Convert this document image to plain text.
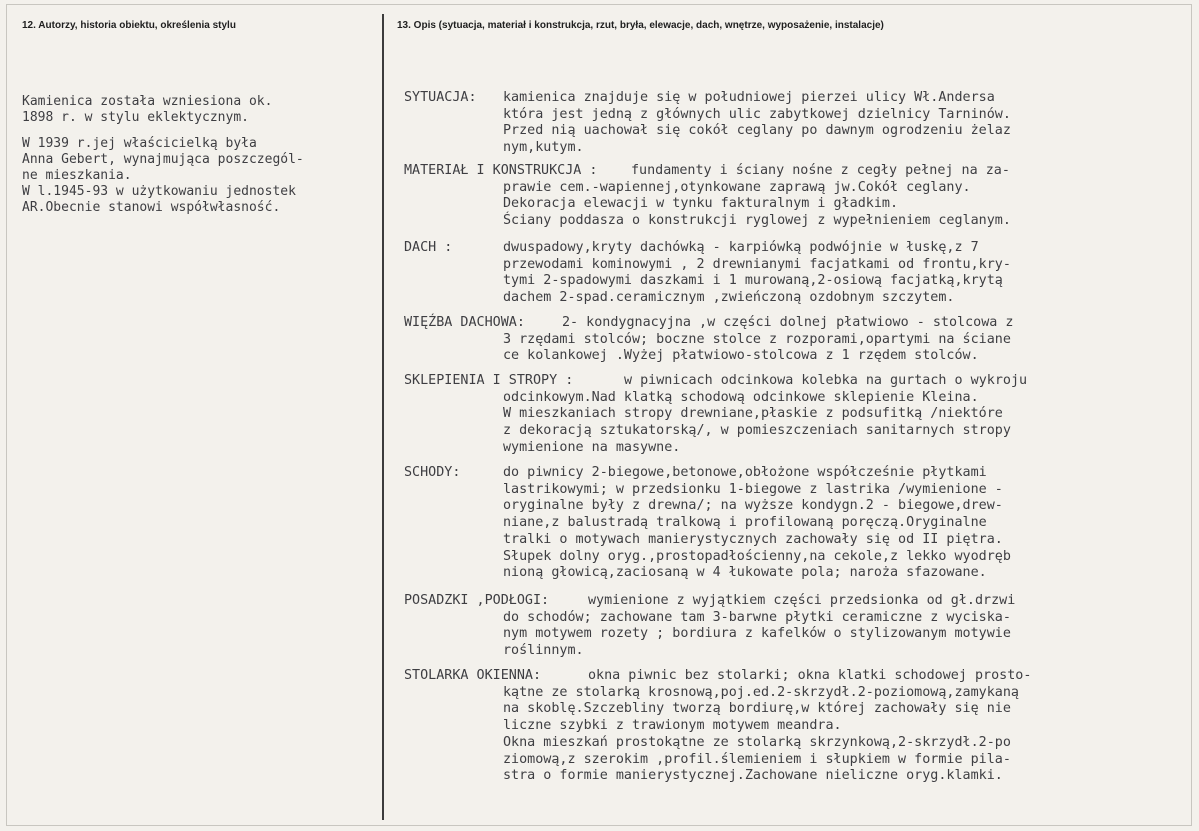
12. Autorzy, historia obiektu, określenia stylu	13. Opis (sytuacja, materiał i konstrukcja, rzut, bryła, elewacje, dach, wnętrze, wyposażenie, instalacje)
Kamienica została wzniesiona ok.
1898 r. w stylu eklektycznym.
W 1939 r.jej właścicielką była
Anna Gebert, wynajmująca poszczegól-
ne mieszkania.
W l.1945-93 w użytkowaniu jednostek
AR.Obecnie stanowi współwłasność.
SYTUACJA: kamienica znajduje się w południowej pierzei ulicy Wł.Andersa
która jest jedną z głównych ulic zabytkowej dzielnicy Tarninów.
Przed nią uachował się cokół ceglany po dawnym ogrodzeniu żelaz
nym,kutym.
MATERIAŁ I KONSTRUKCJA :	fundamenty i ściany nośne z cegły pełnej na za-
prawie cem.-wapiennej,otynkowane zaprawą jw.Cokół ceglany.
Dekoracja elewacji w tynku fakturalnym i gładkim.
Ściany poddasza o konstrukcji ryglowej z wypełnieniem ceglanym.
DACH :	dwuspadowy,kryty dachówką - karpiówką podwójnie w łuskę,z 7
przewodami kominowymi , 2 drewnianymi facjatkami od frontu,kry-
tymi 2-spadowymi daszkami i 1 murowaną,2-osiową facjatką,krytą
dachem 2-spad.ceramicznym ,zwieńczoną ozdobnym szczytem.
WIĘŹBA DACHOWA:	2- kondygnacyjna ,w części dolnej płatwiowo - stolcowa z
3 rzędami stolców; boczne stolce z rozporami,opartymi na ściane
ce kolankowej .Wyżej płatwiowo-stolcowa z 1 rzędem stolców.
SKLEPIENIA I STROPY :	w piwnicach odcinkowa kolebka na gurtach o wykroju
odcinkowym.Nad klatką schodową odcinkowe sklepienie Kleina.
W mieszkaniach stropy drewniane,płaskie z podsufitką /niektóre
z dekoracją sztukatorską/, w pomieszczeniach sanitarnych stropy
wymienione na masywne.
SCHODY:	do piwnicy 2-biegowe,betonowe,obłożone współcześnie płytkami
lastrikowymi; w przedsionku 1-biegowe z lastrika /wymienione -
oryginalne były z drewna/; na wyższe kondygn.2 - biegowe,drew-
niane,z balustradą tralkową i profilowaną poręczą.Oryginalne
tralki o motywach manierystycznych zachowały się od II piętra.
Słupek dolny oryg.,prostopadłościenny,na cekole,z lekko wyodręb
nioną głowicą,zaciosaną w 4 łukowate pola; naroża sfazowane.
POSADZKI ,PODŁOGI:	wymienione z wyjątkiem części przedsionka od gł.drzwi
do schodów; zachowane tam 3-barwne płytki ceramiczne z wyciska-
nym motywem rozety ; bordiura z kafelków o stylizowanym motywie
roślinnym.
STOLARKA OKIENNA:	okna piwnic bez stolarki; okna klatki schodowej prosto-
kątne ze stolarką krosnową,poj.ed.2-skrzydł.2-poziomową,zamykaną
na skoblę.Szczebliny tworzą bordiurę,w której zachowały się nie
liczne szybki z trawionym motywem meandra.
Okna mieszkań prostokątne ze stolarką skrzynkową,2-skrzydł.2-po
ziomową,z szerokim ,profil.ślemieniem i słupkiem w formie pila-
stra o formie manierystycznej.Zachowane nieliczne oryg.klamki.
